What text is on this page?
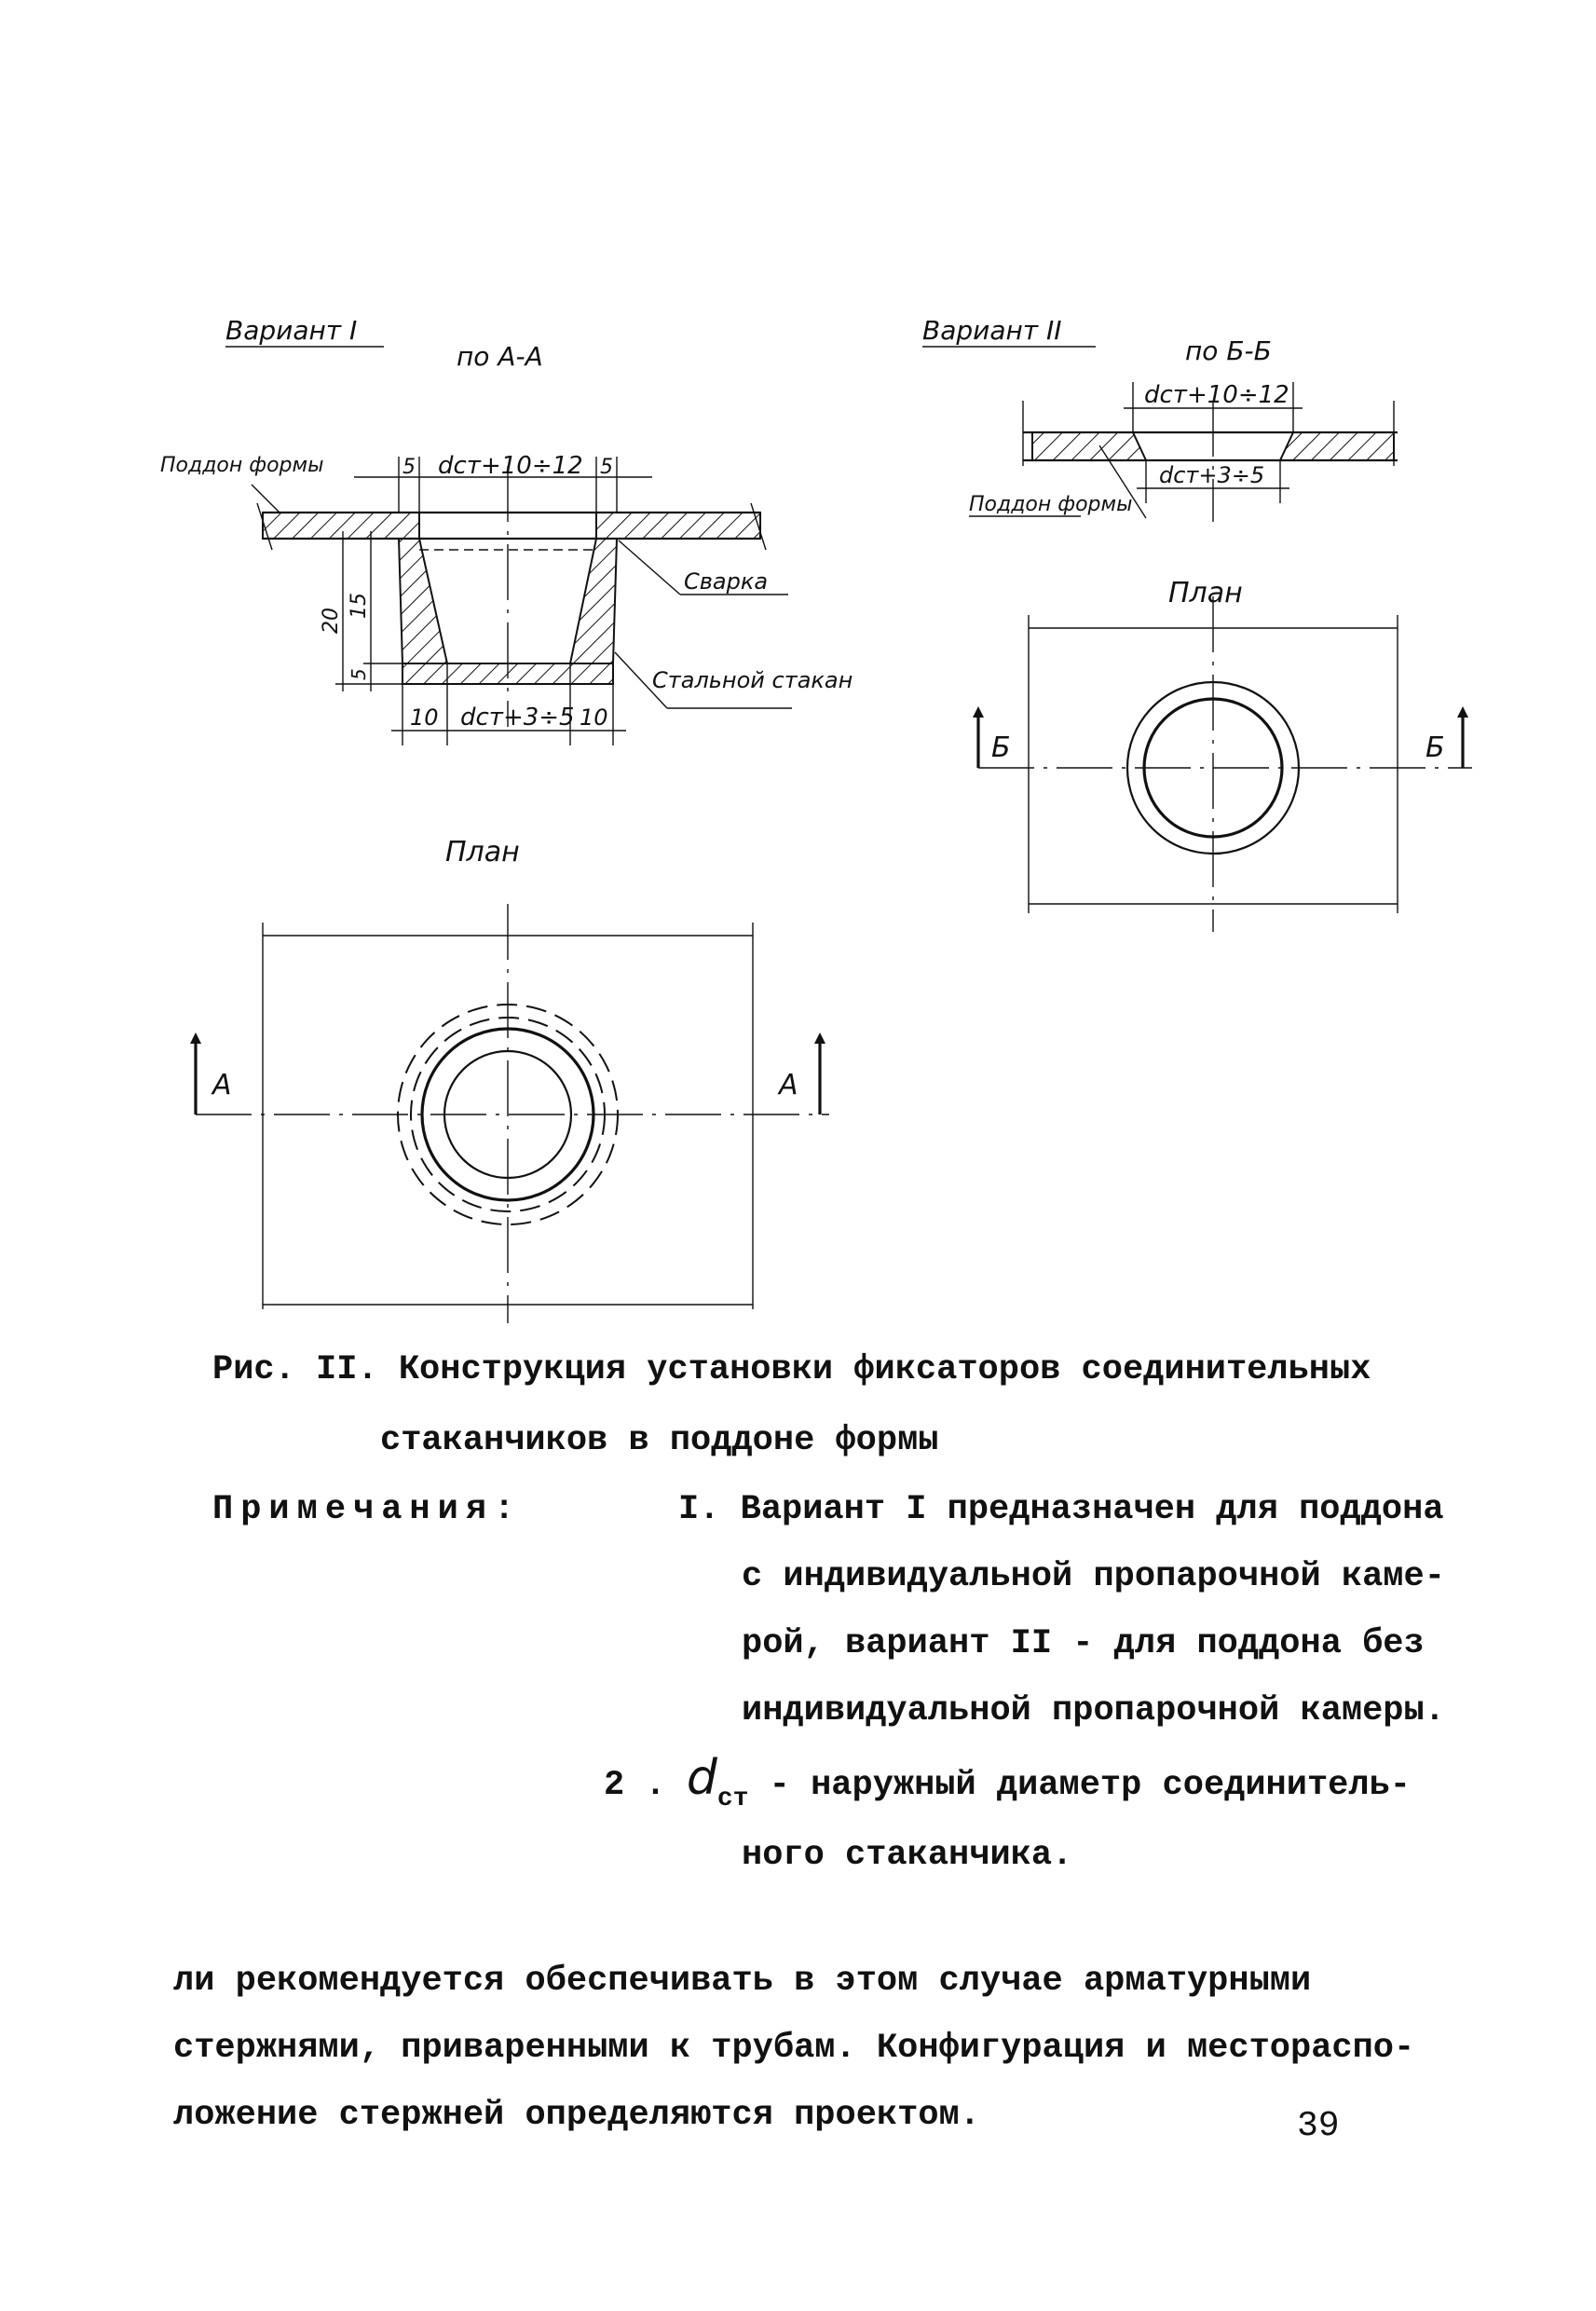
Вариант I
по А-А
5 dст+10÷12 5
10 dст+3÷5 10
20
15
5
Поддон формы
Сварка
Стальной стакан
План
А	А
Вариант II
по Б-Б
dст+10÷12
dст+3÷5
Поддон формы
План
Б	Б
Рис. II. Конструкция установки фиксаторов соединительных
стаканчиков в поддоне формы
Примечания:	I. Вариант I предназначен для поддона
с индивидуальной пропарочной каме-
рой, вариант II - для поддона без
индивидуальной пропарочной камеры.
2 . $d_{ст}$ - наружный диаметр соединитель-
ного стаканчика.
ли рекомендуется обеспечивать в этом случае арматурными
стержнями, приваренными к трубам. Конфигурация и местораспо-
ложение стержней определяются проектом.	39
